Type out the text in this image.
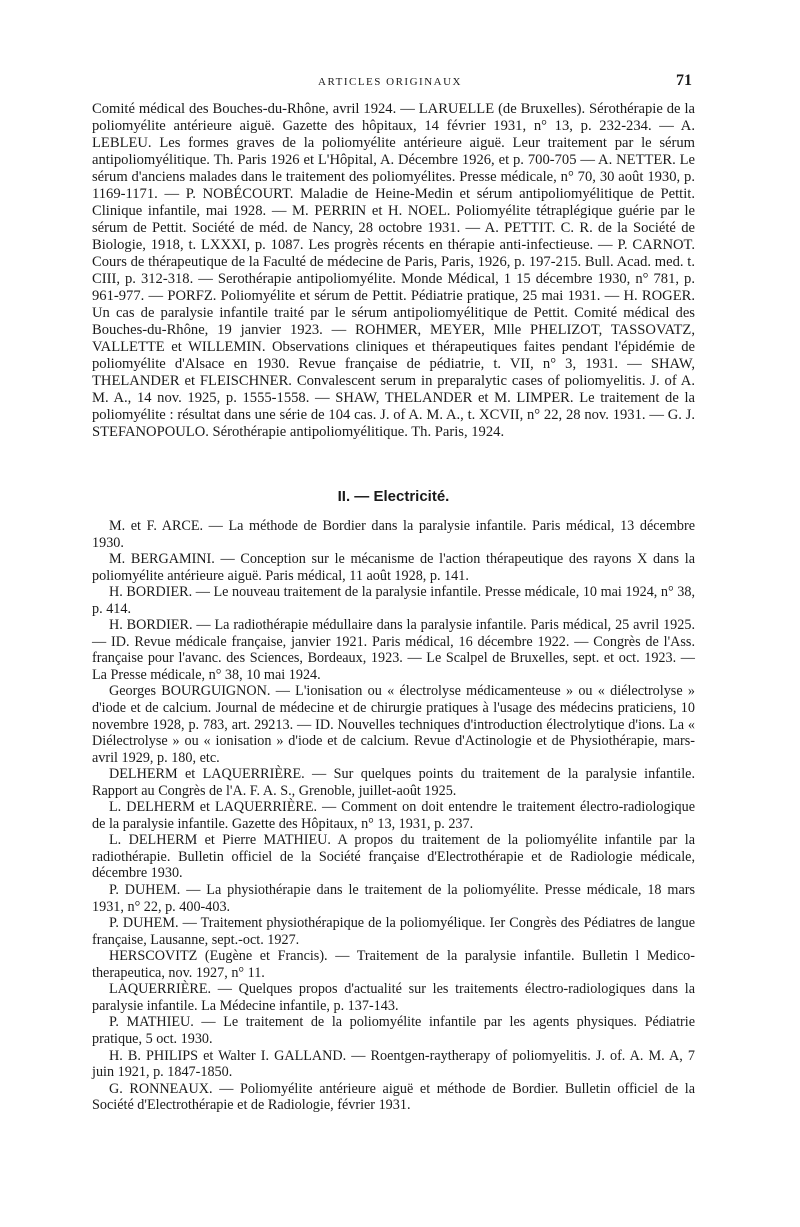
ARTICLES ORIGINAUX	71

Comité médical des Bouches-du-Rhône, avril 1924. — LARUELLE (de Bruxelles). Sérothérapie de la poliomyélite antérieure aiguë. Gazette des hôpitaux, 14 février 1931, n° 13, p. 232-234. — A. LEBLEU. Les formes graves de la poliomyélite antérieure aiguë. Leur traitement par le sérum antipoliomyélitique. Th. Paris 1926 et L'Hôpital, A. Décembre 1926, et p. 700-705 — A. NETTER. Le sérum d'anciens malades dans le traitement des poliomyélites. Presse médicale, n° 70, 30 août 1930, p. 1169-1171. — P. NOBÉCOURT. Maladie de Heine-Medin et sérum antipoliomyélitique de Pettit. Clinique infantile, mai 1928. — M. PERRIN et H. NOEL. Poliomyélite tétraplégique guérie par le sérum de Pettit. Société de méd. de Nancy, 28 octobre 1931. — A. PETTIT. C. R. de la Société de Biologie, 1918, t. LXXXI, p. 1087. Les progrès récents en thérapie anti-infectieuse. — P. CARNOT. Cours de thérapeutique de la Faculté de médecine de Paris, Paris, 1926, p. 197-215. Bull. Acad. med. t. CIII, p. 312-318. — Serothérapie antipoliomyélite. Monde Médical, 1 15 décembre 1930, n° 781, p. 961-977. — PORFZ. Poliomyélite et sérum de Pettit. Pédiatrie pratique, 25 mai 1931. — H. ROGER. Un cas de paralysie infantile traité par le sérum antipoliomyélitique de Pettit. Comité médical des Bouches-du-Rhône, 19 janvier 1923. — ROHMER, MEYER, Mlle PHELIZOT, TASSOVATZ, VALLETTE et WILLEMIN. Observations cliniques et thérapeutiques faites pendant l'épidémie de poliomyélite d'Alsace en 1930. Revue française de pédiatrie, t. VII, n° 3, 1931. — SHAW, THELANDER et FLEISCHNER. Convalescent serum in preparalytic cases of poliomyelitis. J. of A. M. A., 14 nov. 1925, p. 1555-1558. — SHAW, THELANDER et M. LIMPER. Le traitement de la poliomyélite : résultat dans une série de 104 cas. J. of A. M. A., t. XCVII, n° 22, 28 nov. 1931. — G. J. STEFANOPOULO. Sérothérapie antipoliomyélitique. Th. Paris, 1924.

II. — Electricité.

M. et F. ARCE. — La méthode de Bordier dans la paralysie infantile. Paris médical, 13 décembre 1930.

M. BERGAMINI. — Conception sur le mécanisme de l'action thérapeutique des rayons X dans la poliomyélite antérieure aiguë. Paris médical, 11 août 1928, p. 141.

H. BORDIER. — Le nouveau traitement de la paralysie infantile. Presse médicale, 10 mai 1924, n° 38, p. 414.

H. BORDIER. — La radiothérapie médullaire dans la paralysie infantile. Paris médical, 25 avril 1925. — ID. Revue médicale française, janvier 1921. Paris médical, 16 décembre 1922. — Congrès de l'Ass. française pour l'avanc. des Sciences, Bordeaux, 1923. — Le Scalpel de Bruxelles, sept. et oct. 1923. — La Presse médicale, n° 38, 10 mai 1924.

Georges BOURGUIGNON. — L'ionisation ou « électrolyse médicamenteuse » ou « diélectrolyse » d'iode et de calcium. Journal de médecine et de chirurgie pratiques à l'usage des médecins praticiens, 10 novembre 1928, p. 783, art. 29213. — ID. Nouvelles techniques d'introduction électrolytique d'ions. La « Diélectrolyse » ou « ionisation » d'iode et de calcium. Revue d'Actinologie et de Physiothérapie, mars-avril 1929, p. 180, etc.

DELHERM et LAQUERRIÈRE. — Sur quelques points du traitement de la paralysie infantile. Rapport au Congrès de l'A. F. A. S., Grenoble, juillet-août 1925.

L. DELHERM et LAQUERRIÈRE. — Comment on doit entendre le traitement électro-radiologique de la paralysie infantile. Gazette des Hôpitaux, n° 13, 1931, p. 237.

L. DELHERM et Pierre MATHIEU. A propos du traitement de la poliomyélite infantile par la radiothérapie. Bulletin officiel de la Société française d'Electrothérapie et de Radiologie médicale, décembre 1930.

P. DUHEM. — La physiothérapie dans le traitement de la poliomyélite. Presse médicale, 18 mars 1931, n° 22, p. 400-403.

P. DUHEM. — Traitement physiothérapique de la poliomyélique. Ier Congrès des Pédiatres de langue française, Lausanne, sept.-oct. 1927.

HERSCOVITZ (Eugène et Francis). — Traitement de la paralysie infantile. Bulletin l Medico-therapeutica, nov. 1927, n° 11.

LAQUERRIÈRE. — Quelques propos d'actualité sur les traitements électro-radiologiques dans la paralysie infantile. La Médecine infantile, p. 137-143.

P. MATHIEU. — Le traitement de la poliomyélite infantile par les agents physiques. Pédiatrie pratique, 5 oct. 1930.

H. B. PHILIPS et Walter I. GALLAND. — Roentgen-raytherapy of poliomyelitis. J. of. A. M. A, 7 juin 1921, p. 1847-1850.

G. RONNEAUX. — Poliomyélite antérieure aiguë et méthode de Bordier. Bulletin officiel de la Société d'Electrothérapie et de Radiologie, février 1931.
